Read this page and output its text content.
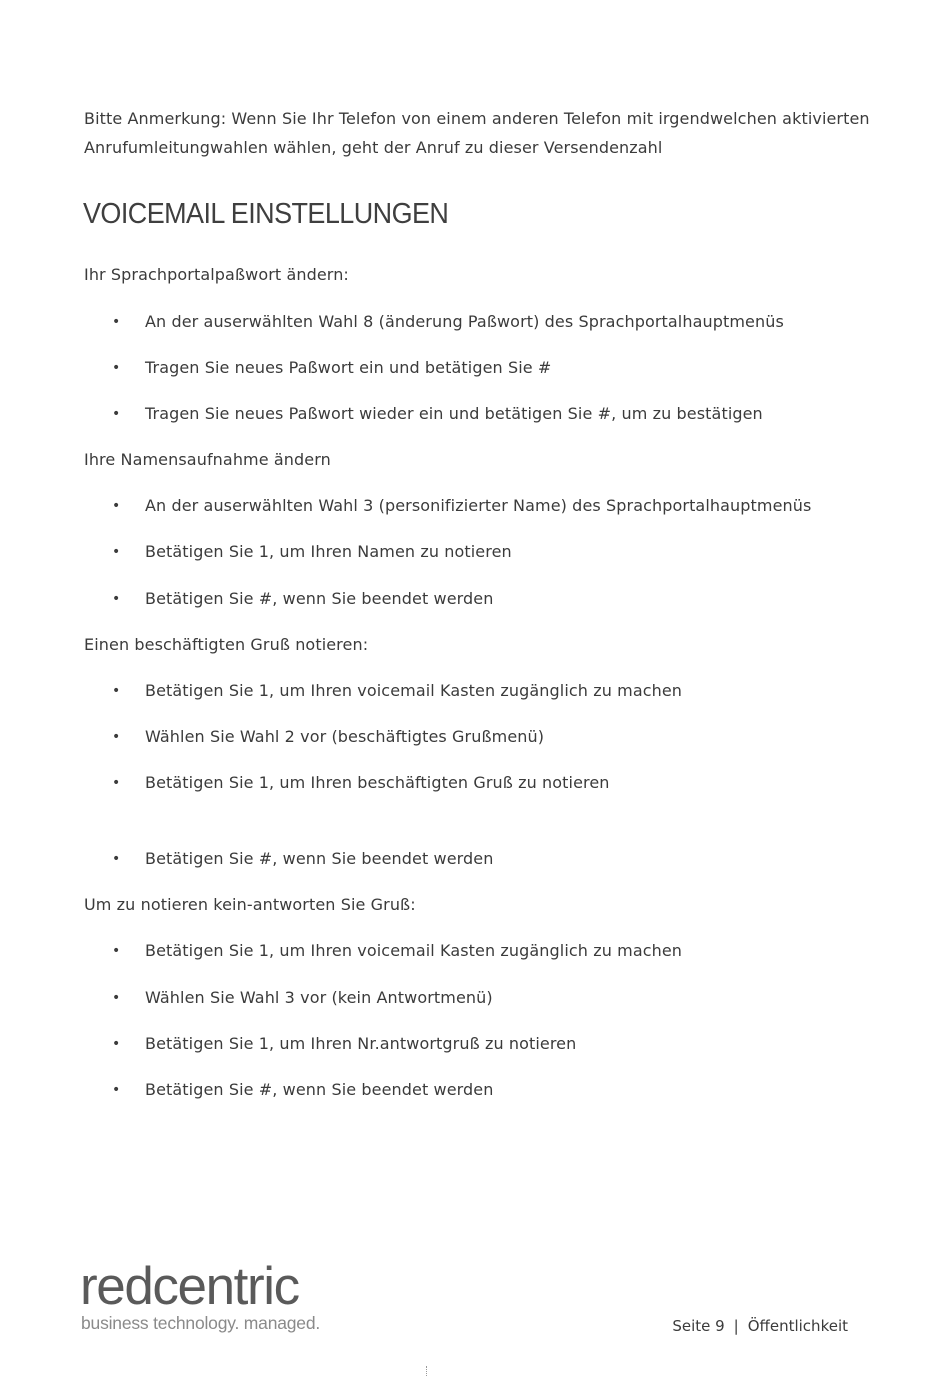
Bitte Anmerkung: Wenn Sie Ihr Telefon von einem anderen Telefon mit irgendwelchen aktivierten Anrufumleitungwahlen wählen, geht der Anruf zu dieser Versendenzahl
VOICEMAIL EINSTELLUNGEN
Ihr Sprachportalpaßwort ändern:
• An der auserwählten Wahl 8 (änderung Paßwort) des Sprachportalhauptmenüs
• Tragen Sie neues Paßwort ein und betätigen Sie #
• Tragen Sie neues Paßwort wieder ein und betätigen Sie #, um zu bestätigen
Ihre Namensaufnahme ändern
• An der auserwählten Wahl 3 (personifizierter Name) des Sprachportalhauptmenüs
• Betätigen Sie 1, um Ihren Namen zu notieren
• Betätigen Sie #, wenn Sie beendet werden
Einen beschäftigten Gruß notieren:
• Betätigen Sie 1, um Ihren voicemail Kasten zugänglich zu machen
• Wählen Sie Wahl 2 vor (beschäftigtes Grußmenü)
• Betätigen Sie 1, um Ihren beschäftigten Gruß zu notieren
• Betätigen Sie #, wenn Sie beendet werden
Um zu notieren kein-antworten Sie Gruß:
• Betätigen Sie 1, um Ihren voicemail Kasten zugänglich zu machen
• Wählen Sie Wahl 3 vor (kein Antwortmenü)
• Betätigen Sie 1, um Ihren Nr.antwortgruß zu notieren
• Betätigen Sie #, wenn Sie beendet werden
redcentric
business technology. managed.	Seite 9 | Öffentlichkeit
